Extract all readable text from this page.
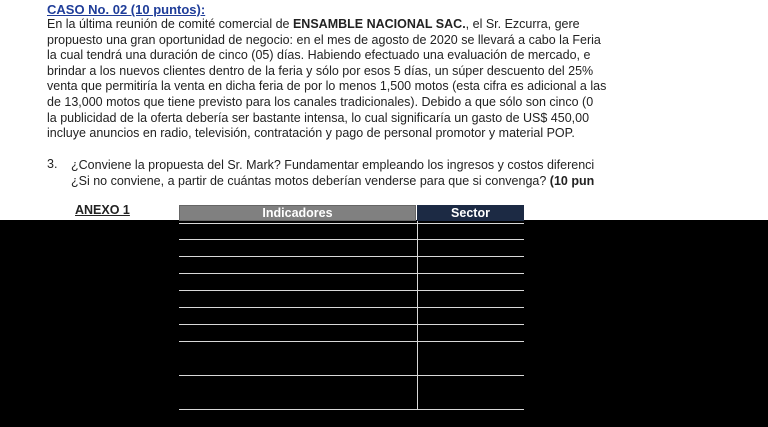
CASO No. 02 (10 puntos):
En la última reunión de comité comercial de ENSAMBLE NACIONAL SAC., el Sr. Ezcurra, gere
propuesto una gran oportunidad de negocio: en el mes de agosto de 2020 se llevará a cabo la Feria
la cual tendrá una duración de cinco (05) días. Habiendo efectuado una evaluación de mercado, e
brindar a los nuevos clientes dentro de la feria y sólo por esos 5 días, un súper descuento del 25%
venta que permitiría la venta en dicha feria de por lo menos 1,500 motos (esta cifra es adicional a las
de 13,000 motos que tiene previsto para los canales tradicionales). Debido a que sólo son cinco (0
la publicidad de la oferta debería ser bastante intensa, lo cual significaría un gasto de US$ 450,00
incluye anuncios en radio, televisión, contratación y pago de personal promotor y material POP.
3. ¿Conviene la propuesta del Sr. Mark? Fundamentar empleando los ingresos y costos diferenci
¿Si no conviene, a partir de cuántas motos deberían venderse para que si convenga? (10 pun
ANEXO 1	Indicadores	Sector
